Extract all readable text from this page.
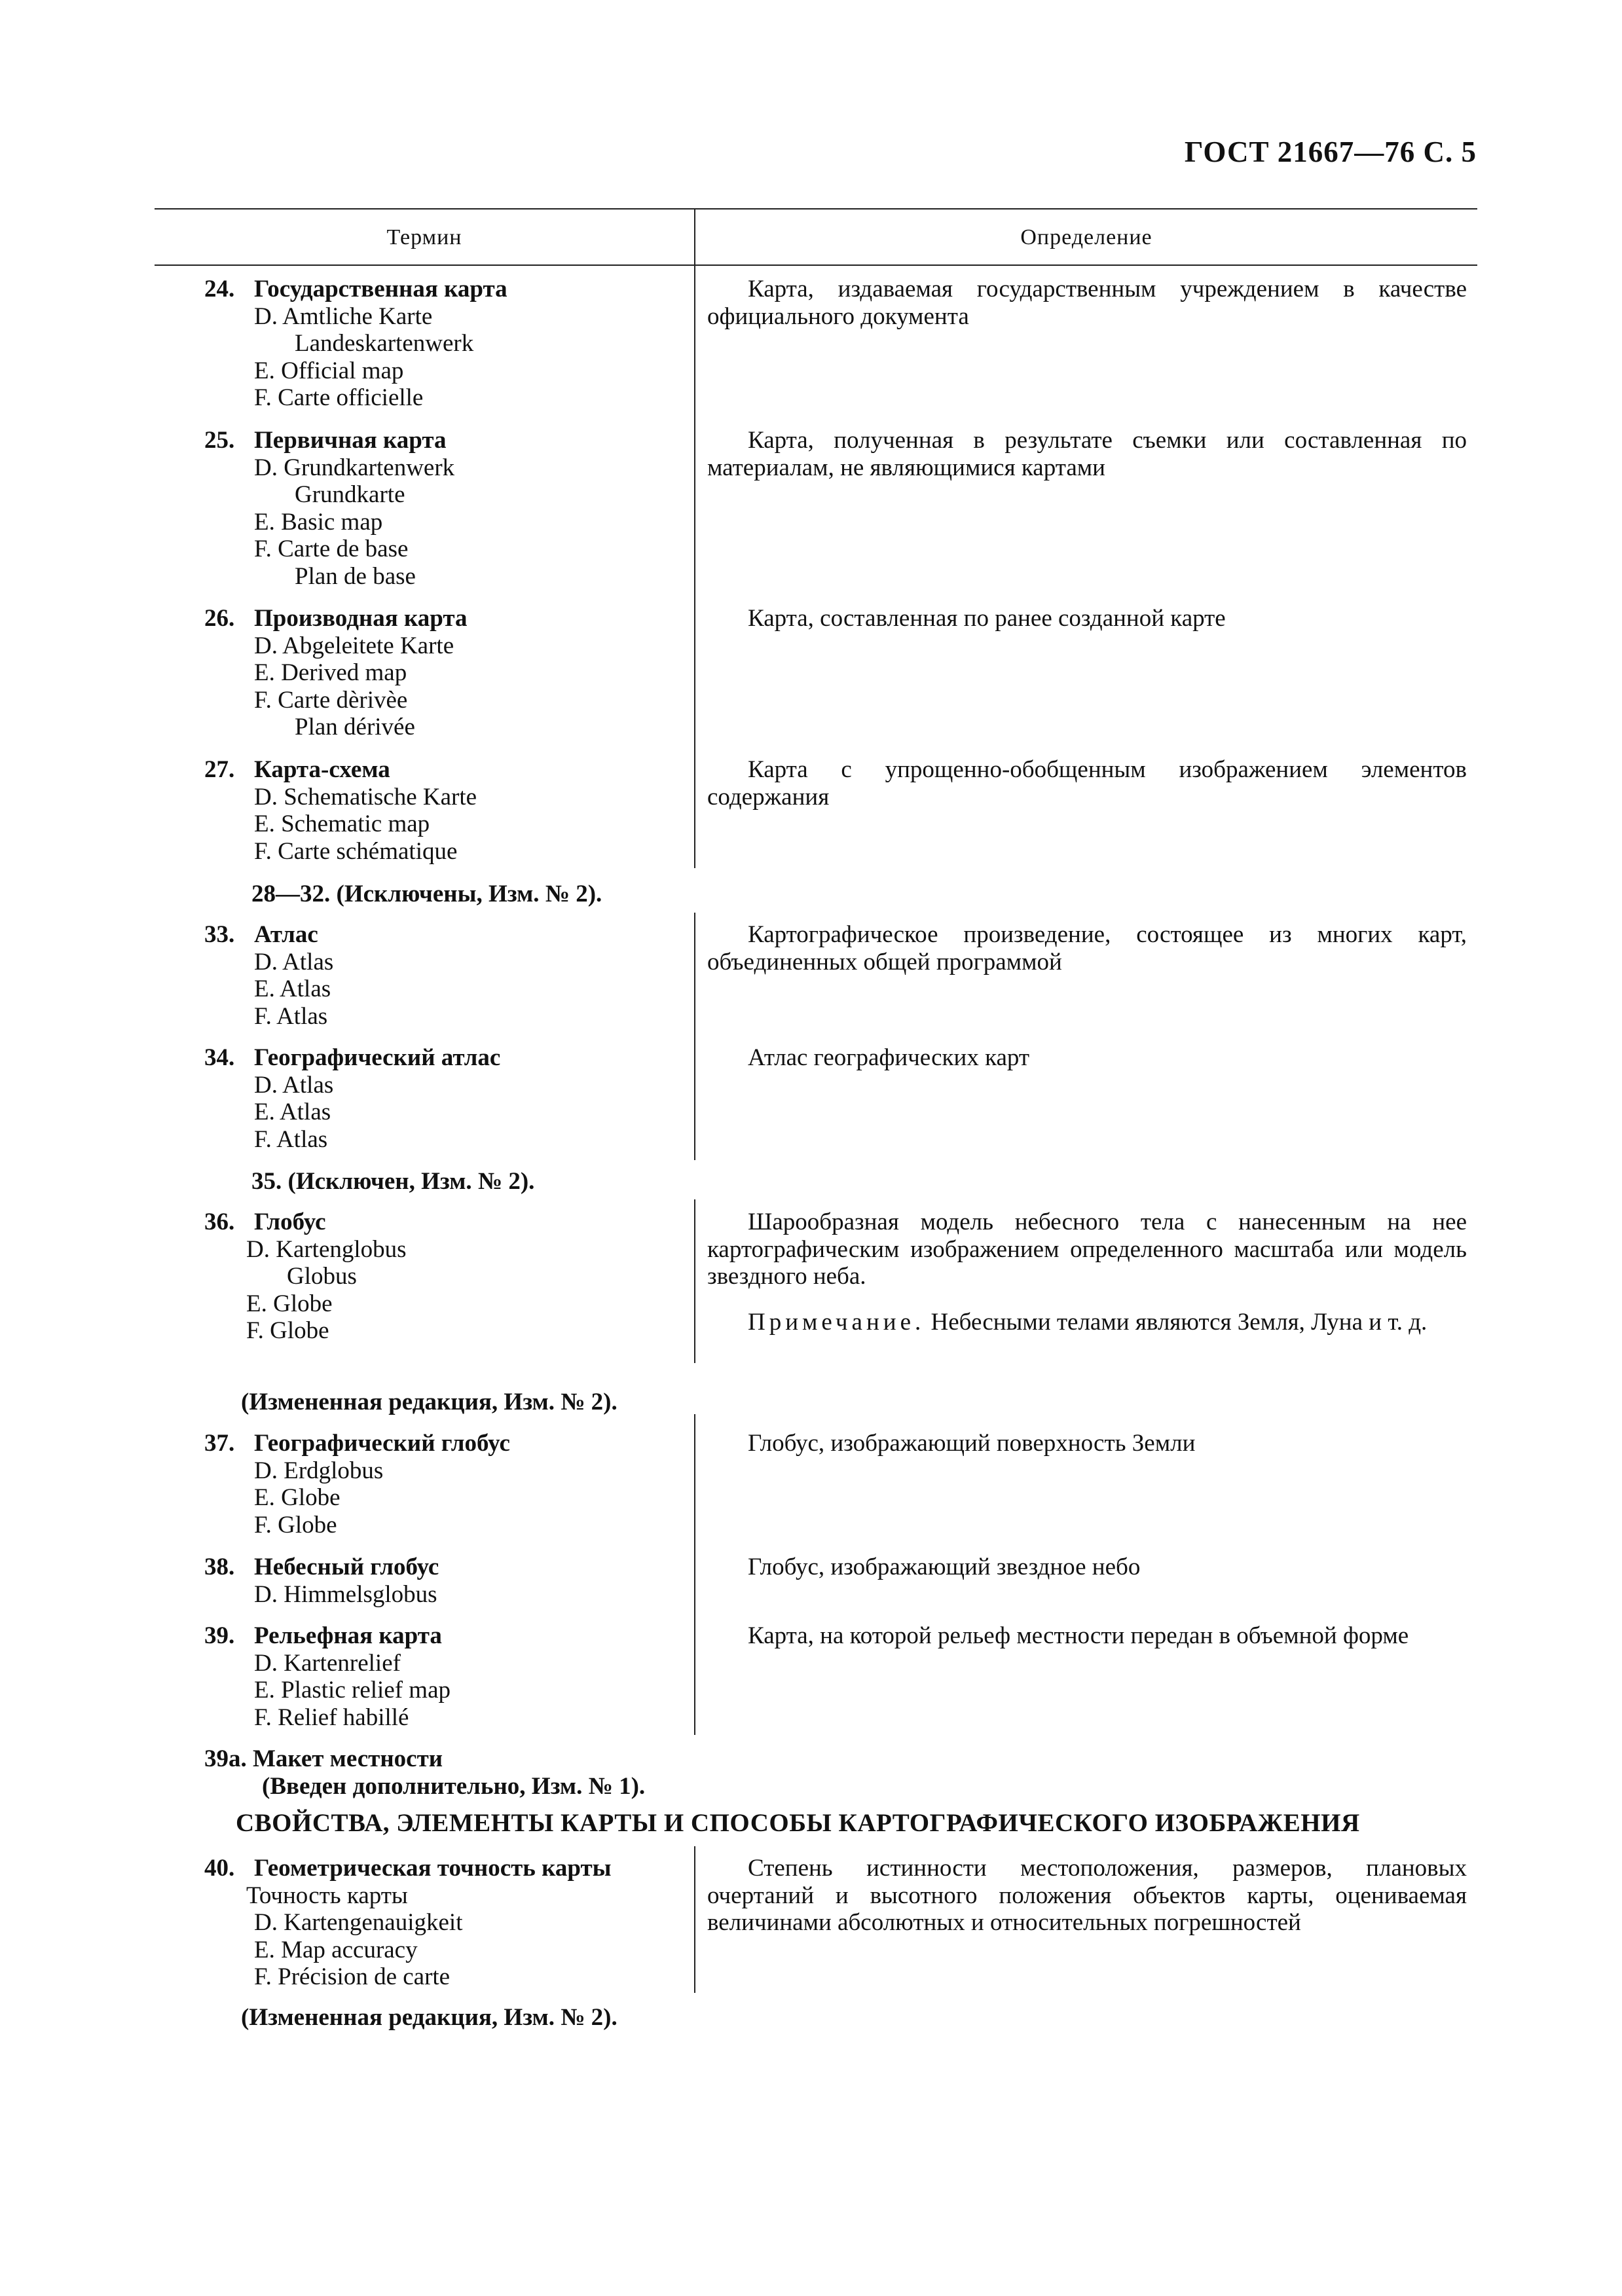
ГОСТ 21667—76 С. 5
Термин	Определение
24. Государственная карта
D. Amtliche Karte
Landeskartenwerk
E. Official map
F. Carte officielle

Карта, издаваемая государственным учреждением в качестве официального документа

25. Первичная карта
D. Grundkartenwerk
Grundkarte
E. Basic map
F. Carte de base
Plan de base

Карта, полученная в результате съемки или составленная по материалам, не являющимися картами

26. Производная карта
D. Abgeleitete Karte
E. Derived map
F. Carte dèrivèe
Plan dérivée

Карта, составленная по ранее созданной карте

27. Карта-схема
D. Schematische Karte
E. Schematic map
F. Carte schématique

Карта с упрощенно-обобщенным изображением элементов содержания

28—32. (Исключены, Изм. № 2).
33. Атлас
D. Atlas
E. Atlas
F. Atlas

Картографическое произведение, состоящее из многих карт, объединенных общей программой

34. Географический атлас
D. Atlas
E. Atlas
F. Atlas

Атлас географических карт

35. (Исключен, Изм. № 2).
36. Глобус
D. Kartenglobus
Globus
E. Globe
F. Globe

Шарообразная модель небесного тела с нанесенным на нее картографическим изображением определенного масштаба или модель звездного неба.

Примечание. Небесными телами являются Земля, Луна и т. д.

(Измененная редакция, Изм. № 2).
37. Географический глобус
D. Erdglobus
E. Globe
F. Globe

Глобус, изображающий поверхность Земли

38. Небесный глобус
D. Himmelsglobus

Глобус, изображающий звездное небо

39. Рельефная карта
D. Kartenrelief
E. Plastic relief map
F. Relief habillé

Карта, на которой рельеф местности передан в объемной форме

39а. Макет местности
(Введен дополнительно, Изм. № 1).
СВОЙСТВА, ЭЛЕМЕНТЫ КАРТЫ И СПОСОБЫ КАРТОГРАФИЧЕСКОГО ИЗОБРАЖЕНИЯ
40. Геометрическая точность карты
Точность карты
D. Kartengenauigkeit
E. Map accuracy
F. Précision de carte

Степень истинности местоположения, размеров, плановых очертаний и высотного положения объектов карты, оцениваемая величинами абсолютных и относительных погрешностей

(Измененная редакция, Изм. № 2).
